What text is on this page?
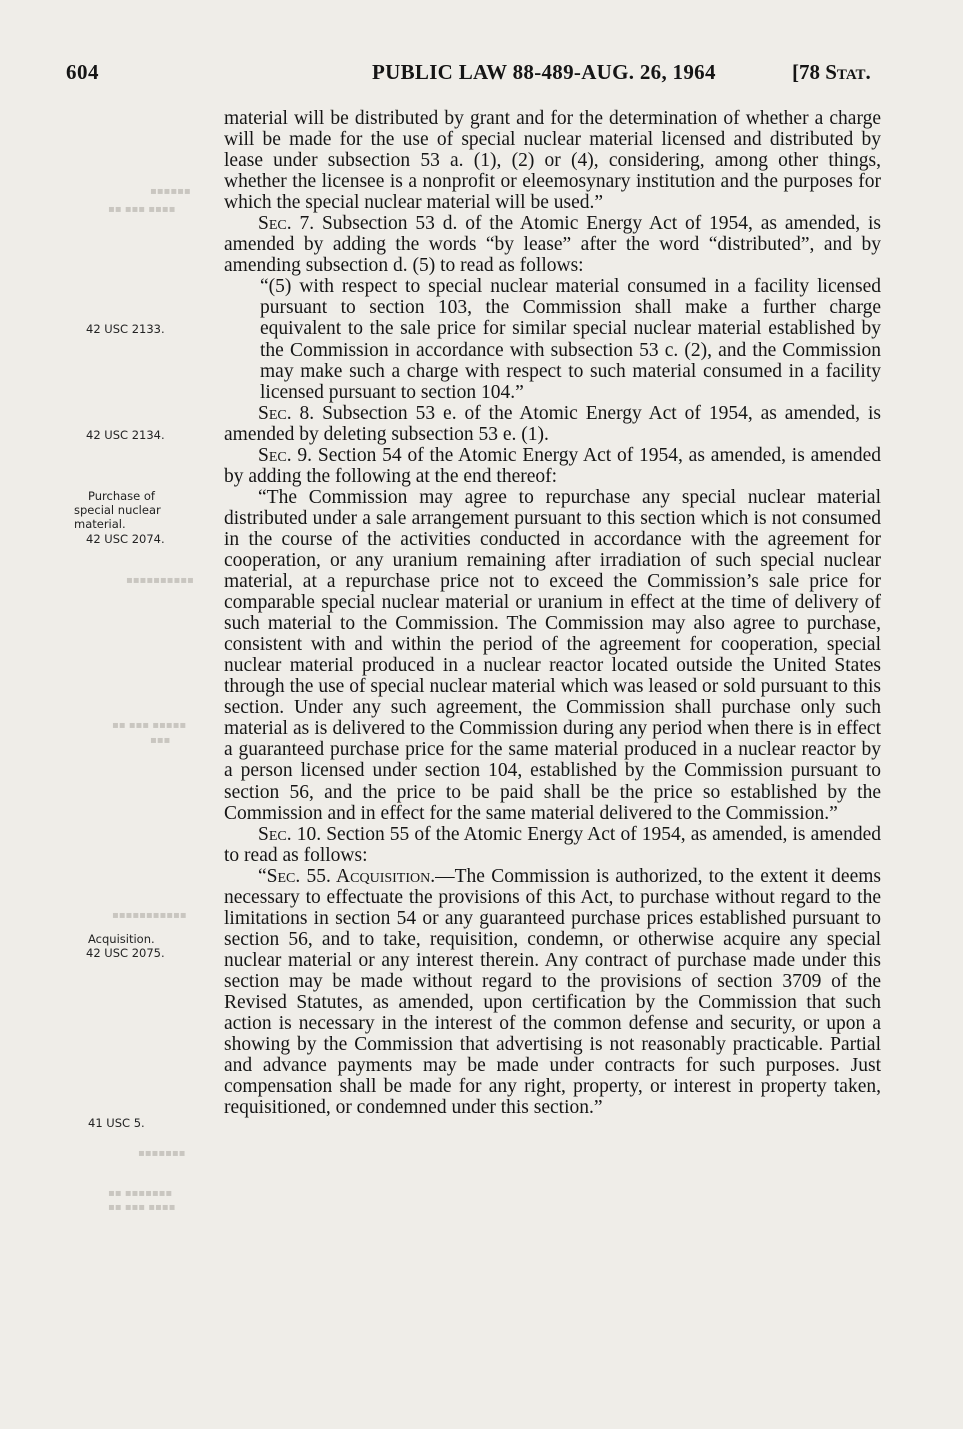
604	PUBLIC LAW 88-489-AUG. 26, 1964	[78 Stat.
▪▪▪▪▪▪
▪▪ ▪▪▪ ▪▪▪▪
▪▪▪▪▪▪▪▪▪▪
▪▪ ▪▪▪ ▪▪▪▪▪
▪▪▪
▪▪▪▪▪▪▪▪▪▪▪
▪▪▪▪▪▪▪
▪▪ ▪▪▪▪▪▪▪
▪▪ ▪▪▪ ▪▪▪▪
42 USC 2133.
42 USC 2134.
Purchase of
special nuclear
material.
42 USC 2074.
Acquisition.
42 USC 2075.
41 USC 5.

material will be distributed by grant and for the determination of whether a charge will be made for the use of special nuclear material licensed and distributed by lease under subsection 53 a. (1), (2) or (4), considering, among other things, whether the licensee is a nonprofit or eleemosynary institution and the purposes for which the special nuclear material will be used.”

Sec. 7. Subsection 53 d. of the Atomic Energy Act of 1954, as amended, is amended by adding the words “by lease” after the word “distributed”, and by amending subsection d. (5) to read as follows:

“(5) with respect to special nuclear material consumed in a facility licensed pursuant to section 103, the Commission shall make a further charge equivalent to the sale price for similar special nuclear material established by the Commission in accordance with subsection 53 c. (2), and the Commission may make such a charge with respect to such material consumed in a facility licensed pursuant to section 104.”

Sec. 8. Subsection 53 e. of the Atomic Energy Act of 1954, as amended, is amended by deleting subsection 53 e. (1).

Sec. 9. Section 54 of the Atomic Energy Act of 1954, as amended, is amended by adding the following at the end thereof:

“The Commission may agree to repurchase any special nuclear material distributed under a sale arrangement pursuant to this section which is not consumed in the course of the activities conducted in accordance with the agreement for cooperation, or any uranium remaining after irradiation of such special nuclear material, at a repurchase price not to exceed the Commission’s sale price for comparable special nuclear material or uranium in effect at the time of delivery of such material to the Commission. The Commission may also agree to purchase, consistent with and within the period of the agreement for cooperation, special nuclear material produced in a nuclear reactor located outside the United States through the use of special nuclear material which was leased or sold pursuant to this section. Under any such agreement, the Commission shall purchase only such material as is delivered to the Commission during any period when there is in effect a guaranteed purchase price for the same material produced in a nuclear reactor by a person licensed under section 104, established by the Commission pursuant to section 56, and the price to be paid shall be the price so established by the Commission and in effect for the same material delivered to the Commission.”

Sec. 10. Section 55 of the Atomic Energy Act of 1954, as amended, is amended to read as follows:

“Sec. 55. Acquisition.—The Commission is authorized, to the extent it deems necessary to effectuate the provisions of this Act, to purchase without regard to the limitations in section 54 or any guaranteed purchase prices established pursuant to section 56, and to take, requisition, condemn, or otherwise acquire any special nuclear material or any interest therein. Any contract of purchase made under this section may be made without regard to the provisions of section 3709 of the Revised Statutes, as amended, upon certification by the Commission that such action is necessary in the interest of the common defense and security, or upon a showing by the Commission that advertising is not reasonably practicable. Partial and advance payments may be made under contracts for such purposes. Just compensation shall be made for any right, property, or interest in property taken, requisitioned, or condemned under this section.”
